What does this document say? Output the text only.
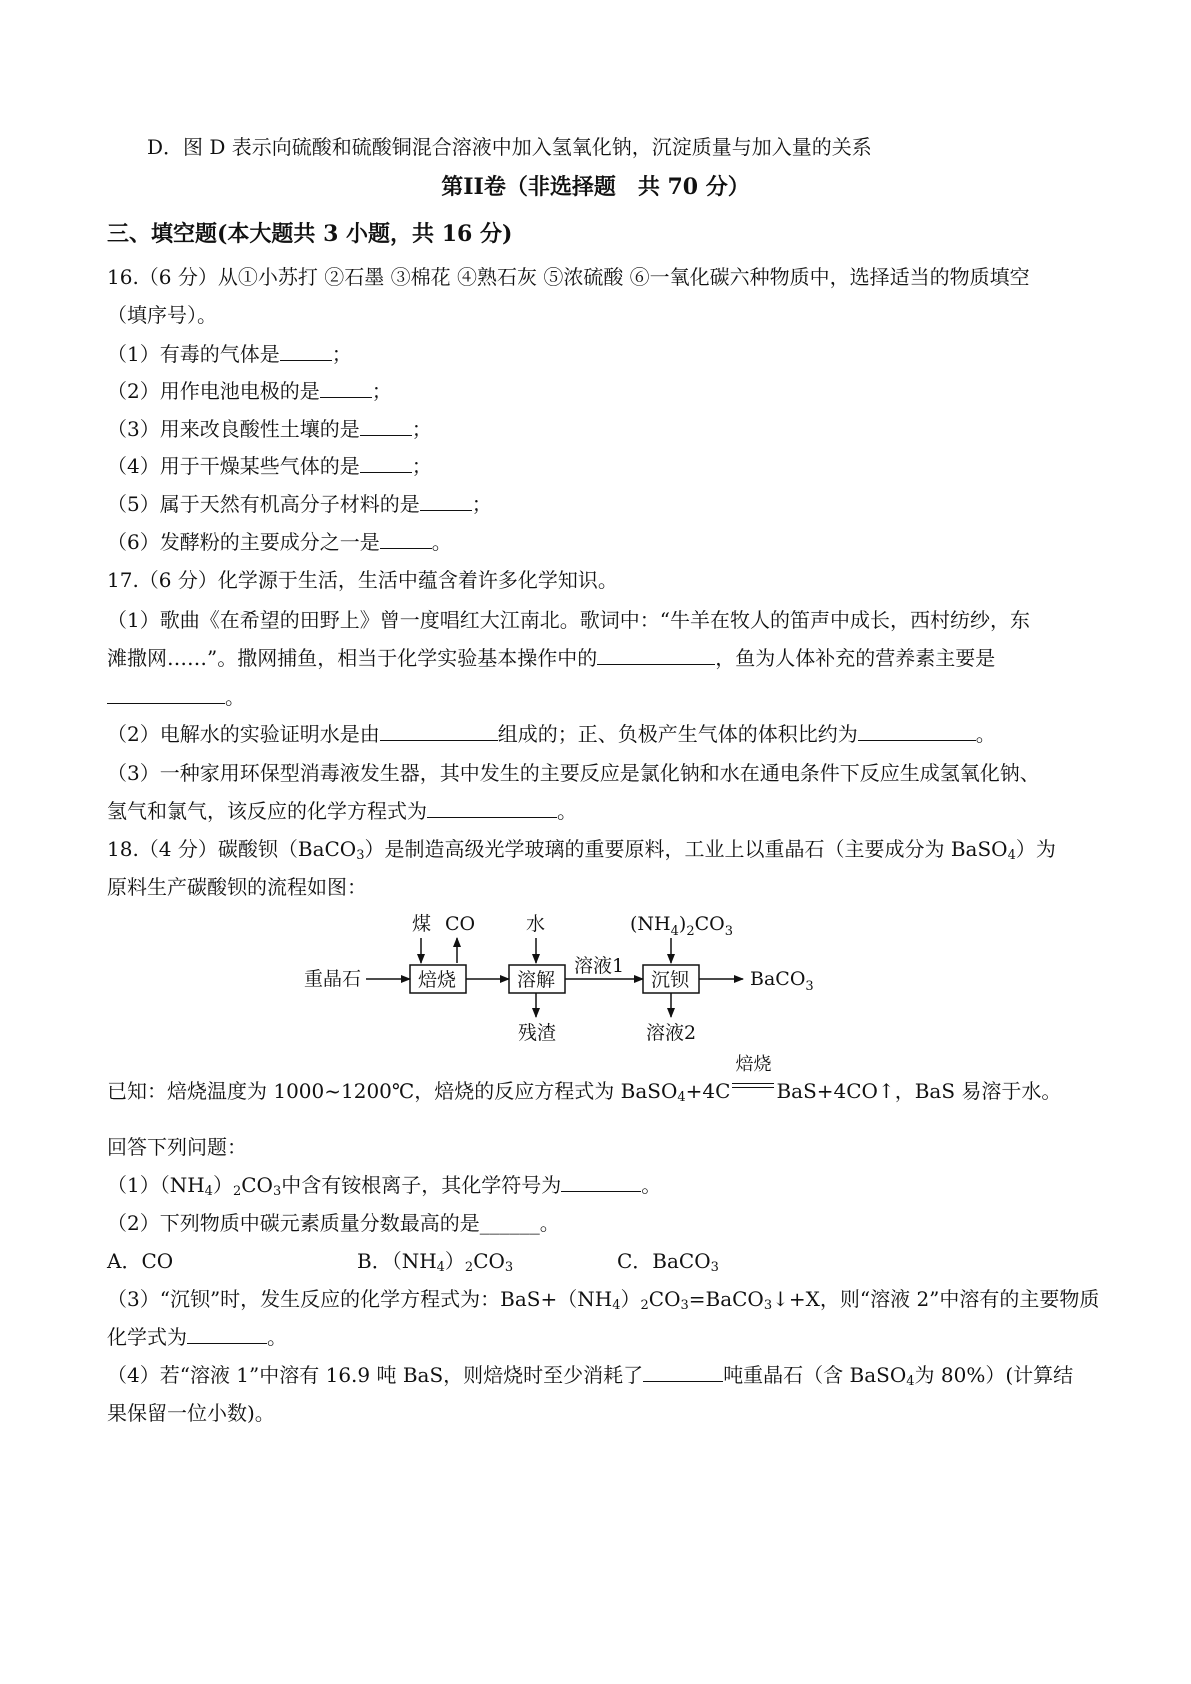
D．图 D 表示向硫酸和硫酸铜混合溶液中加入氢氧化钠，沉淀质量与加入量的关系
第II卷（非选择题　共 70 分）
三、填空题(本大题共 3 小题，共 16 分)
16.（6 分）从①小苏打 ②石墨 ③棉花 ④熟石灰 ⑤浓硫酸 ⑥一氧化碳六种物质中，选择适当的物质填空
（填序号）。
（1）有毒的气体是	；
（2）用作电池电极的是	；
（3）用来改良酸性土壤的是	；
（4）用于干燥某些气体的是	；
（5）属于天然有机高分子材料的是	；
（6）发酵粉的主要成分之一是	。
17.（6 分）化学源于生活，生活中蕴含着许多化学知识。
（1）歌曲《在希望的田野上》曾一度唱红大江南北。歌词中：“牛羊在牧人的笛声中成长，西村纺纱，东
滩撒网……”。撒网捕鱼，相当于化学实验基本操作中的	，鱼为人体补充的营养素主要是
。
（2）电解水的实验证明水是由	组成的；正、负极产生气体的体积比约为	。
（3）一种家用环保型消毒液发生器，其中发生的主要反应是氯化钠和水在通电条件下反应生成氢氧化钠、
氢气和氯气，该反应的化学方程式为	。
18.（4 分）碳酸钡（BaCO$_3$）是制造高级光学玻璃的重要原料，工业上以重晶石（主要成分为 BaSO$_4$）为
原料生产碳酸钡的流程如图：
煤 CO	水	$(NH_4)_2CO_3$
重晶石	焙烧	溶解
溶液1
沉钡	BaCO$_3$
残渣	溶液2
已知：焙烧温度为 1000~1200℃，焙烧的反应方程式为 BaSO$_4$+4C
焙烧
BaS+4CO↑，BaS 易溶于水。
回答下列问题：
$(1)(NH_4)_2CO_3$中含有铵根离子，其化学符号为	。
（2）下列物质中碳元素质量分数最高的是______。
A．CO	B．$(NH_4)_2CO_3$	C．BaCO$_3$
（3）“沉钡”时，发生反应的化学方程式为：$BaS+(NH_4)_2CO_3=BaCO_3↓+X$，则“溶液 2”中溶有的主要物质
化学式为	。
（4）若“溶液 1”中溶有 16.9 吨 BaS，则焙烧时至少消耗了	吨重晶石（含 BaSO$_4$为 80%）(计算结
果保留一位小数)。
